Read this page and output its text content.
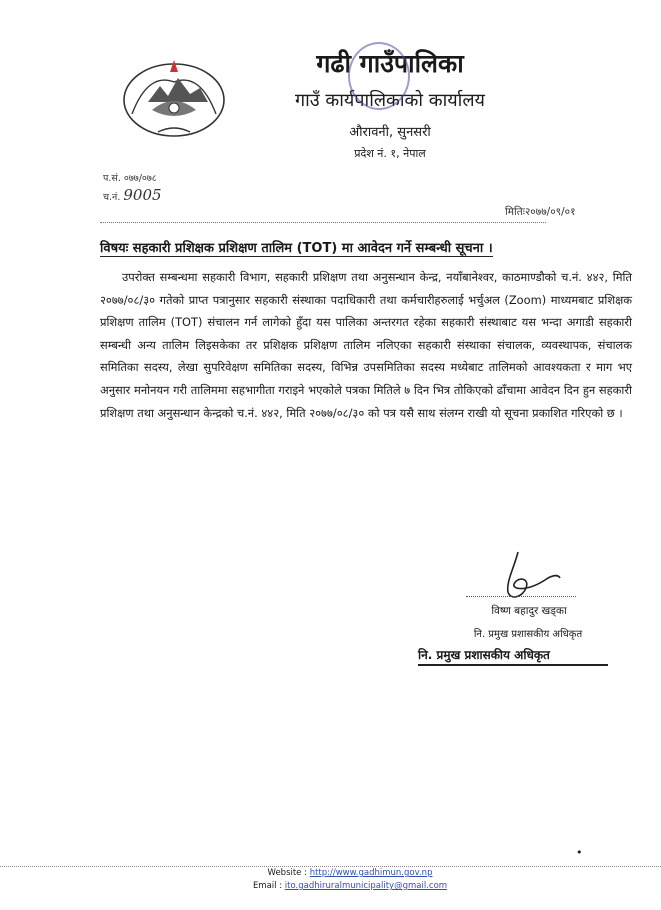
गढी गाउँपालिका
गाउँ कार्यपालिकाको कार्यालय
औरावनी, सुनसरी
प्रदेश नं. १, नेपाल
प.सं. ०७७/०७८
च.नं. 9005
मितिः२०७७/०९/०१
विषयः सहकारी प्रशिक्षक प्रशिक्षण तालिम (TOT) मा आवेदन गर्ने सम्बन्धी सूचना ।
उपरोक्त सम्बन्धमा सहकारी विभाग, सहकारी प्रशिक्षण तथा अनुसन्धान केन्द्र, नयाँबानेश्वर, काठमाण्डौको च.नं. ४४२, मिति २०७७/०८/३० गतेको प्राप्त पत्रानुसार सहकारी संस्थाका पदाधिकारी तथा कर्मचारीहरुलाई भर्चुअल (Zoom) माध्यमबाट प्रशिक्षक प्रशिक्षण तालिम (TOT) संचालन गर्न लागेको हुँदा यस पालिका अन्तरगत रहेका सहकारी संस्थाबाट यस भन्दा अगाडी सहकारी सम्बन्धी अन्य तालिम लिइसकेका तर प्रशिक्षक प्रशिक्षण तालिम नलिएका सहकारी संस्थाका संचालक, व्यवस्थापक, संचालक समितिका सदस्य, लेखा सुपरिवेक्षण समितिका सदस्य, विभिन्न उपसमितिका सदस्य मध्येबाट तालिमको आवश्यकता र माग भए अनुसार मनोनयन गरी तालिममा सहभागीता गराइने भएकोले पत्रका मितिले ७ दिन भित्र तोकिएको ढाँचामा आवेदन दिन हुन सहकारी प्रशिक्षण तथा अनुसन्धान केन्द्रको च.नं. ४४२, मिति २०७७/०८/३० को पत्र यसै साथ संलग्न राखी यो सूचना प्रकाशित गरिएको छ ।
विष्ण बहादुर खड्का
नि. प्रमुख प्रशासकीय अधिकृत
नि. प्रमुख प्रशासकीय अधिकृत
•
Website : http://www.gadhimun.gov.np
Email : ito.gadhiruralmunicipality@gmail.com
